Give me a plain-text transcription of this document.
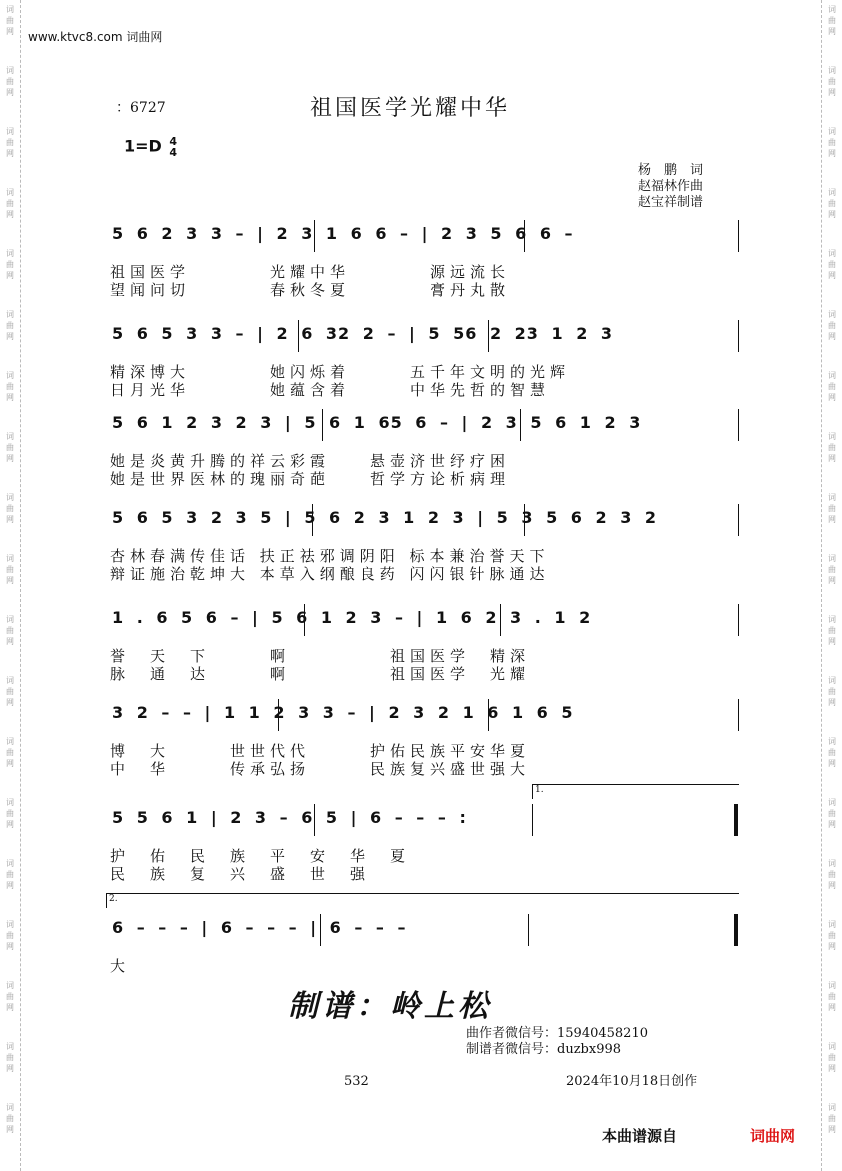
词
曲
网
词
曲
网
词
曲
网
词
曲
网
词
曲
网
词
曲
网
词
曲
网
词
曲
网
词
曲
网
词
曲
网
词
曲
网
词
曲
网
词
曲
网
词
曲
网
词
曲
网
词
曲
网
词
曲
网
词
曲
网
词
曲
网
词
曲
网
词
曲
网
词
曲
网
词
曲
网
词
曲
网
词
曲
网
词
曲
网
词
曲
网
词
曲
网
词
曲
网
词
曲
网
词
曲
网
词
曲
网
词
曲
网
词
曲
网
词
曲
网
词
曲
网
词
曲
网
词
曲
网
www.ktvc8.com 词曲网
：6727	祖国医学光耀中华
1=D 4
4
杨　鹏　词
赵福林作曲
赵宝祥制谱
5 6 2 3 3 – | 2 3 1 6 6 – | 2 3 5 6 6 –
祖国医学　　　　光耀中华　　　　源远流长
望闻问切　　　　春秋冬夏　　　　膏丹丸散
5 6 5 3 3 – | 2 6 32 2 – | 5 56 2 23 1 2 3
精深博大　　　　她闪烁着　　　五千年文明的光辉
日月光华　　　　她蕴含着　　　中华先哲的智慧
5 6 1 2 3 2 3 | 5 6 1 65 6 – | 2 3 5 6 1 2 3
她是炎黄升腾的祥云彩霞　　悬壶济世纾疗困
她是世界医林的瑰丽奇葩　　哲学方论析病理
5 6 5 3 2 3 5 | 5 6 2 3 1 2 3 | 5 3 5 6 2 3 2
杏林春满传佳话 扶正祛邪调阴阳 标本兼治誉天下
辩证施治乾坤大 本草入纲酿良药 闪闪银针脉通达
1 . 6 5 6 – | 5 6 1 2 3 – | 1 6 2 3 . 1 2
誉　天　下　　　啊　　　　　祖国医学　精深
脉　通　达　　　啊　　　　　祖国医学　光耀
3 2 – – | 1 1 2 3 3 – | 2 3 2 1 6 1 6 5
博　大　　　世世代代　　　护佑民族平安华夏
中　华　　　传承弘扬　　　民族复兴盛世强大
5 5 6 1 | 2 3 – 6 5 | 6 – – – :
护　佑　民　族　平　安　华　夏
民　族　复　兴　盛　世　强
6 – – – | 6 – – – | 6 – – –
大
1.
2.
制谱：岭上松
曲作者微信号：15940458210
制谱者微信号：duzbx998
532	2024年10月18日创作
本曲谱源自	词曲网
